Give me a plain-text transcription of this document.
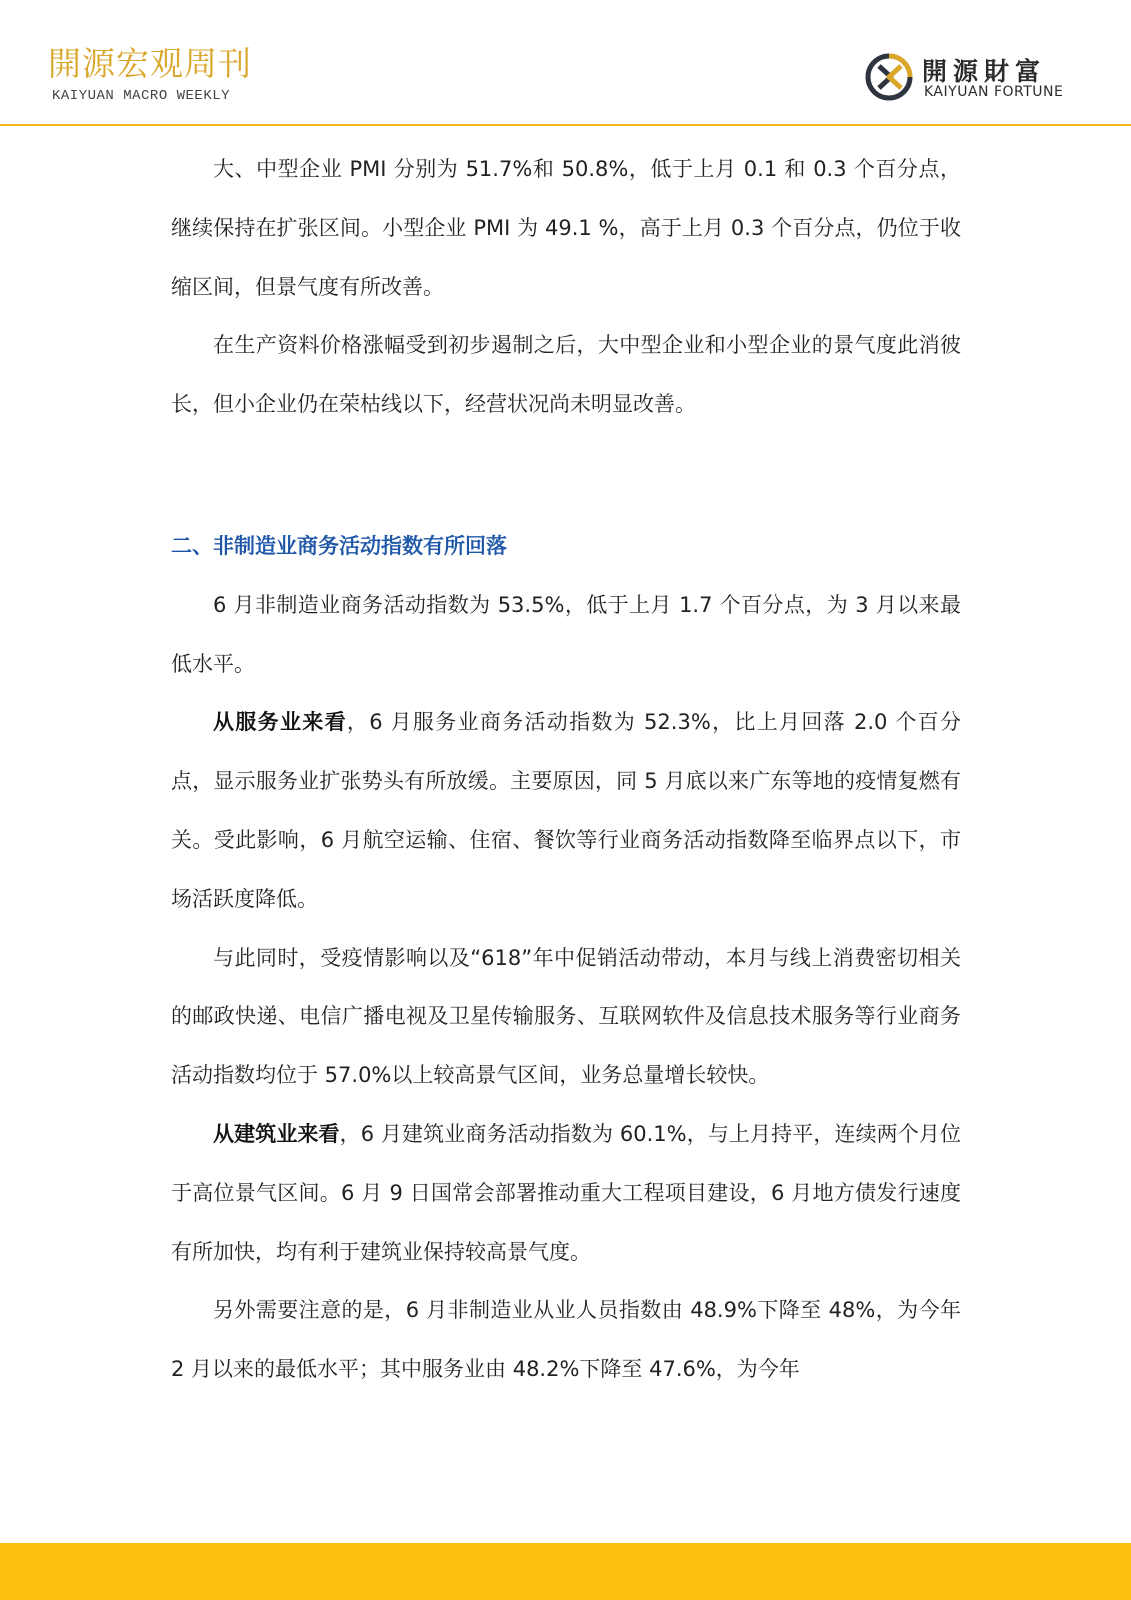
開源宏观周刊
KAIYUAN MACRO WEEKLY
開源財富
KAIYUAN FORTUNE

大、中型企业 PMI 分别为 51.7%和 50.8%，低于上月 0.1 和 0.3 个百分点，继续保持在扩张区间。小型企业 PMI 为 49.1 %，高于上月 0.3 个百分点，仍位于收缩区间，但景气度有所改善。

在生产资料价格涨幅受到初步遏制之后，大中型企业和小型企业的景气度此消彼长，但小企业仍在荣枯线以下，经营状况尚未明显改善。

二、非制造业商务活动指数有所回落

6 月非制造业商务活动指数为 53.5%，低于上月 1.7 个百分点，为 3 月以来最低水平。

从服务业来看，6 月服务业商务活动指数为 52.3%，比上月回落 2.0 个百分点，显示服务业扩张势头有所放缓。主要原因，同 5 月底以来广东等地的疫情复燃有关。受此影响，6 月航空运输、住宿、餐饮等行业商务活动指数降至临界点以下，市场活跃度降低。

与此同时，受疫情影响以及“618”年中促销活动带动，本月与线上消费密切相关的邮政快递、电信广播电视及卫星传输服务、互联网软件及信息技术服务等行业商务活动指数均位于 57.0%以上较高景气区间，业务总量增长较快。

从建筑业来看，6 月建筑业商务活动指数为 60.1%，与上月持平，连续两个月位于高位景气区间。6 月 9 日国常会部署推动重大工程项目建设，6 月地方债发行速度有所加快，均有利于建筑业保持较高景气度。

另外需要注意的是，6 月非制造业从业人员指数由 48.9%下降至 48%，为今年 2 月以来的最低水平；其中服务业由 48.2%下降至 47.6%，为今年
